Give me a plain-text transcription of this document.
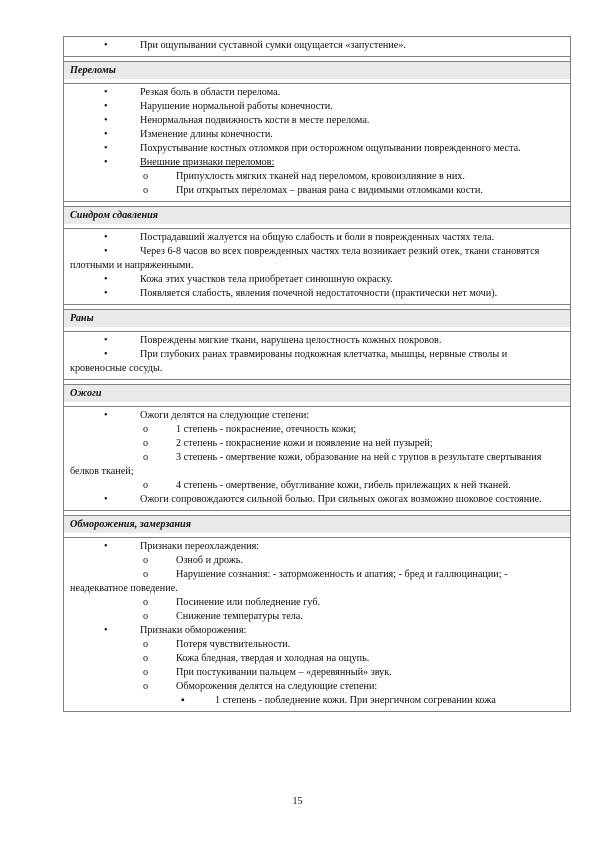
•	При ощупывании суставной сумки ощущается «запустение».
Переломы
•	Резкая боль в области перелома.
•	Нарушение нормальной работы конечности.
•	Ненормальная подвижность кости в месте перелома.
•	Изменение длины конечности.
•	Похрустывание костных отломков при осторожном ощупывании поврежденного места.
•	Внешние признаки переломов:
o	Припухлость мягких тканей над переломом, кровоизлияние в них.
o	При открытых переломах – рваная рана с видимыми отломками кости.
Синдром сдавления
•	Пострадавший жалуется на общую слабость и боли в поврежденных частях тела.
•	Через 6-8 часов во всех поврежденных частях тела возникает резкий отек, ткани становятся плотными и напряженными.
•	Кожа этих участков тела приобретает синюшную окраску.
•	Появляется слабость, явления почечной недостаточности (практически нет мочи).
Раны
•	Повреждены мягкие ткани, нарушена целостность кожных покровов.
•	При глубоких ранах травмированы подкожная клетчатка, мышцы, нервные стволы и кровеносные сосуды.
Ожоги
•	Ожоги делятся на следующие степени:
o	1 степень - покраснение, отечность кожи;
o	2 степень - покраснение кожи и появление на ней пузырей;
o	3 степень - омертвение кожи, образование на ней с трупов в результате свертывания белков тканей;
o	4 степень - омертвение, обугливание кожи, гибель прилежащих к ней тканей.
•	Ожоги сопровождаются сильной болью. При сильных ожогах возможно шоковое состояние.
Обморожения, замерзания
•	Признаки переохлаждения:
o	Озноб и дрожь.
o	Нарушение сознания: - заторможенность и апатия; - бред и галлюцинации; - неадекватное поведение.
o	Посинение или побледнение губ.
o	Снижение температуры тела.
•	Признаки обморожения:
o	Потеря чувствительности.
o	Кожа бледная, твердая и холодная на ощупь.
o	При постукивании пальцем – «деревянный» звук.
o	Обморожения делятся на следующие степени:
▪	1 степень - побледнение кожи. При энергичном согревании кожа
15
